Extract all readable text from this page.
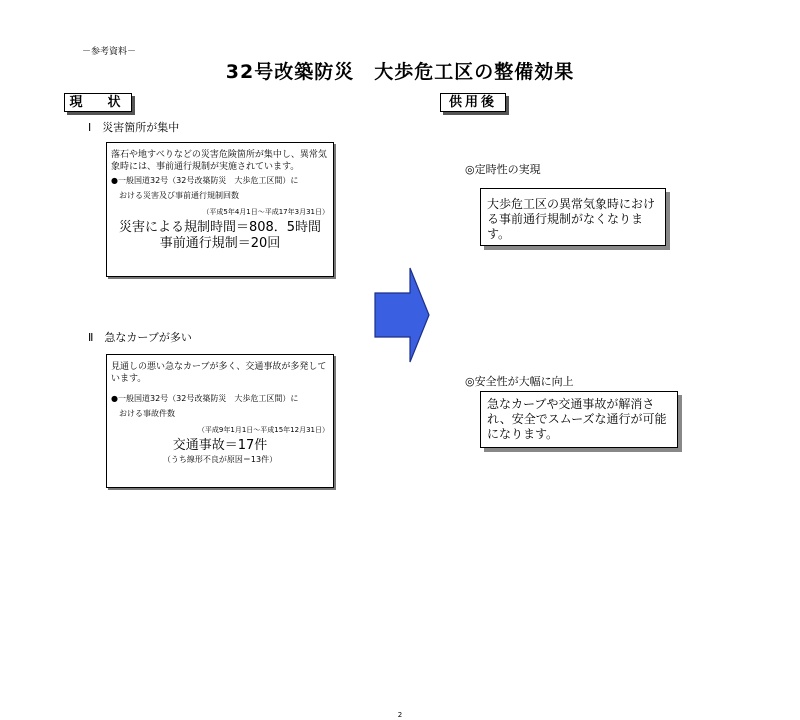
－参考資料－
32号改築防災　大歩危工区の整備効果
現　状	供用後
Ⅰ　災害箇所が集中
落石や地すべりなどの災害危険箇所が集中し、異常気象時には、事前通行規制が実施されています。
●一般国道32号（32号改築防災　大歩危工区間）に
おける災害及び事前通行規制回数
（平成5年4月1日～平成17年3月31日）
災害による規制時間＝808．5時間
事前通行規制＝20回
Ⅱ　急なカーブが多い
見通しの悪い急なカーブが多く、交通事故が多発しています。
●一般国道32号（32号改築防災　大歩危工区間）に
おける事故件数
（平成9年1月1日～平成15年12月31日）
交通事故＝17件
（うち線形不良が原因＝13件）
◎定時性の実現
大歩危工区の異常気象時における事前通行規制がなくなります。
◎安全性が大幅に向上
急なカーブや交通事故が解消され、安全でスムーズな通行が可能になります。
2
